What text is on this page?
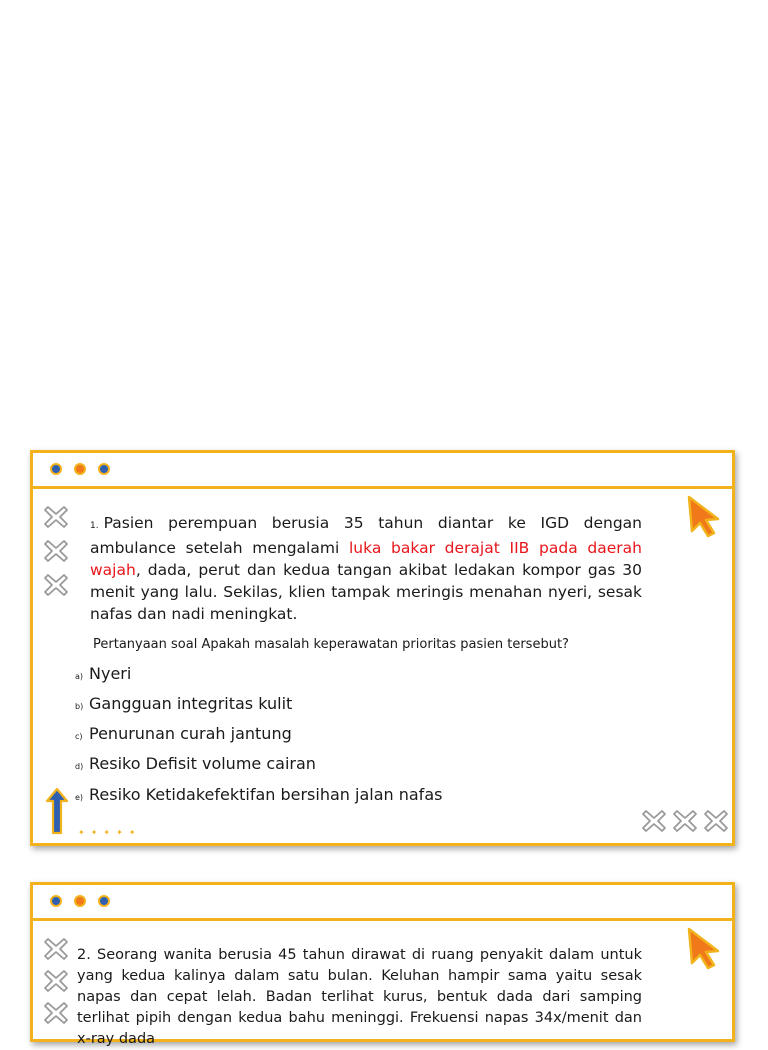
1. Pasien perempuan berusia 35 tahun diantar ke IGD dengan ambulance setelah mengalami luka bakar derajat IIB pada daerah wajah, dada, perut dan kedua tangan akibat ledakan kompor gas 30 menit yang lalu. Sekilas, klien tampak meringis menahan nyeri, sesak nafas dan nadi meningkat.
Pertanyaan soal Apakah masalah keperawatan prioritas pasien tersebut?
a) Nyeri
b) Gangguan integritas kulit
c) Penurunan curah jantung
d) Resiko Defisit volume cairan
e) Resiko Ketidakefektifan bersihan jalan nafas
✦✦✦✦✦
2. Seorang wanita berusia 45 tahun dirawat di ruang penyakit dalam untuk yang kedua kalinya dalam satu bulan. Keluhan hampir sama yaitu sesak napas dan cepat lelah. Badan terlihat kurus, bentuk dada dari samping terlihat pipih dengan kedua bahu meninggi. Frekuensi napas 34x/menit dan x-ray dada
